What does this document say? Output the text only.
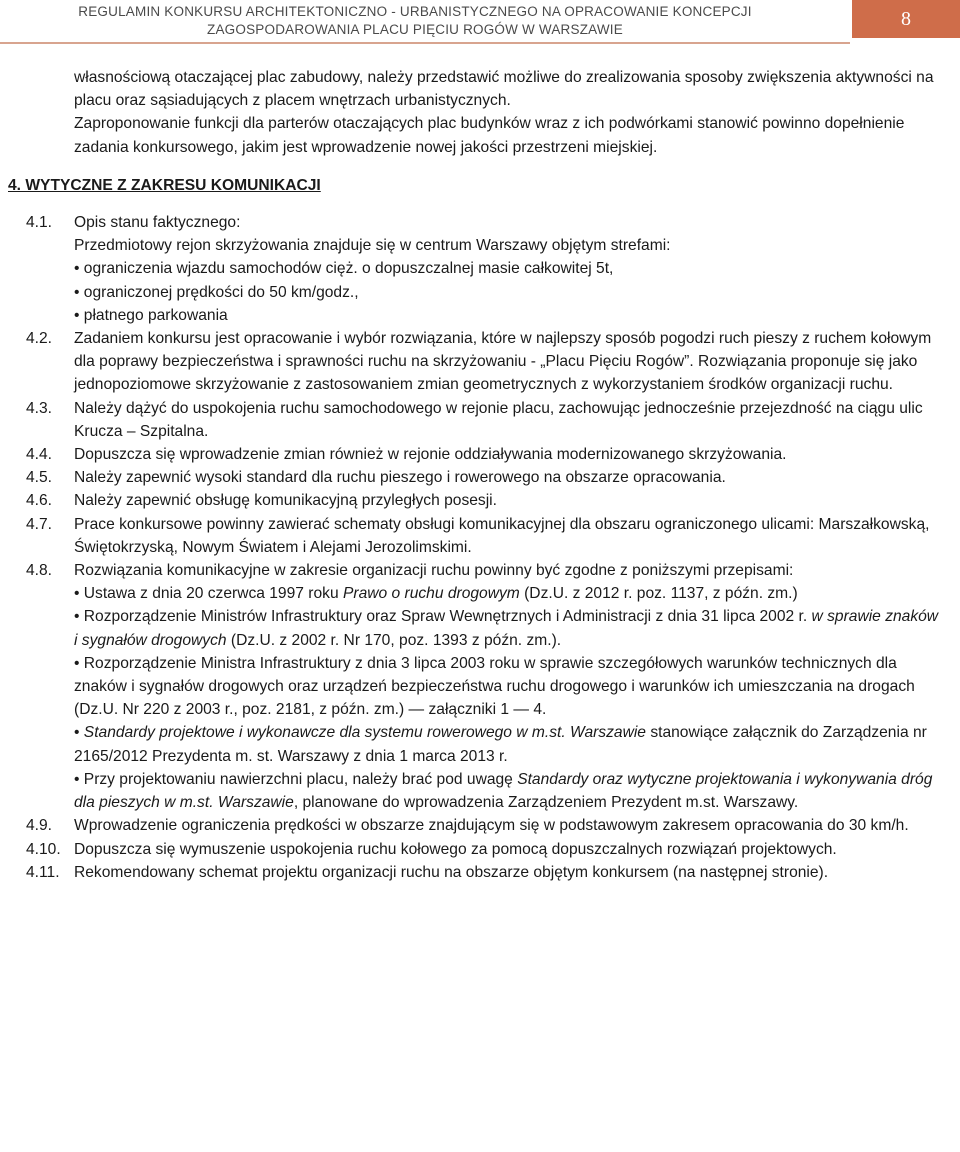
REGULAMIN KONKURSU ARCHITEKTONICZNO - URBANISTYCZNEGO NA OPRACOWANIE KONCEPCJI
ZAGOSPODAROWANIA PLACU PIĘCIU ROGÓW W WARSZAWIE	8
własnościową otaczającej plac zabudowy, należy przedstawić możliwe do zrealizowania sposoby zwiększenia aktywności na placu oraz sąsiadujących z placem wnętrzach urbanistycznych.
Zaproponowanie funkcji dla parterów otaczających plac budynków wraz z ich podwórkami stanowić powinno dopełnienie zadania konkursowego, jakim jest wprowadzenie nowej jakości przestrzeni miejskiej.
4. WYTYCZNE Z ZAKRESU KOMUNIKACJI
4.1. Opis stanu faktycznego:
Przedmiotowy rejon skrzyżowania znajduje się w centrum Warszawy objętym strefami:
• ograniczenia wjazdu samochodów cięż. o dopuszczalnej masie całkowitej 5t,
• ograniczonej prędkości do 50 km/godz.,
• płatnego parkowania
4.2. Zadaniem konkursu jest opracowanie i wybór rozwiązania, które w najlepszy sposób pogodzi ruch pieszy z ruchem kołowym dla poprawy bezpieczeństwa i sprawności ruchu na skrzyżowaniu - „Placu Pięciu Rogów”. Rozwiązania proponuje się jako jednopoziomowe skrzyżowanie z zastosowaniem zmian geometrycznych z wykorzystaniem środków organizacji ruchu.
4.3. Należy dążyć do uspokojenia ruchu samochodowego w rejonie placu, zachowując jednocześnie przejezdność na ciągu ulic Krucza – Szpitalna.
4.4. Dopuszcza się wprowadzenie zmian również w rejonie oddziaływania modernizowanego skrzyżowania.
4.5. Należy zapewnić wysoki standard dla ruchu pieszego i rowerowego na obszarze opracowania.
4.6. Należy zapewnić obsługę komunikacyjną przyległych posesji.
4.7. Prace konkursowe powinny zawierać schematy obsługi komunikacyjnej dla obszaru ograniczonego ulicami: Marszałkowską, Świętokrzyską, Nowym Światem i Alejami Jerozolimskimi.
4.8. Rozwiązania komunikacyjne w zakresie organizacji ruchu powinny być zgodne z poniższymi przepisami:
• Ustawa z dnia 20 czerwca 1997 roku Prawo o ruchu drogowym (Dz.U. z 2012 r. poz. 1137, z późn. zm.)
• Rozporządzenie Ministrów Infrastruktury oraz Spraw Wewnętrznych i Administracji z dnia 31 lipca 2002 r. w sprawie znaków i sygnałów drogowych (Dz.U. z 2002 r. Nr 170, poz. 1393 z późn. zm.).
• Rozporządzenie Ministra Infrastruktury z dnia 3 lipca 2003 roku w sprawie szczegółowych warunków technicznych dla znaków i sygnałów drogowych oraz urządzeń bezpieczeństwa ruchu drogowego i warunków ich umieszczania na drogach (Dz.U. Nr 220 z 2003 r., poz. 2181, z późn. zm.) — załączniki 1 — 4.
• Standardy projektowe i wykonawcze dla systemu rowerowego w m.st. Warszawie stanowiące załącznik do Zarządzenia nr 2165/2012 Prezydenta m. st. Warszawy z dnia 1 marca 2013 r.
• Przy projektowaniu nawierzchni placu, należy brać pod uwagę Standardy oraz wytyczne projektowania i wykonywania dróg dla pieszych w m.st. Warszawie, planowane do wprowadzenia Zarządzeniem Prezydent m.st. Warszawy.
4.9. Wprowadzenie ograniczenia prędkości w obszarze znajdującym się w podstawowym zakresem opracowania do 30 km/h.
4.10. Dopuszcza się wymuszenie uspokojenia ruchu kołowego za pomocą dopuszczalnych rozwiązań projektowych.
4.11. Rekomendowany schemat projektu organizacji ruchu na obszarze objętym konkursem (na następnej stronie).
